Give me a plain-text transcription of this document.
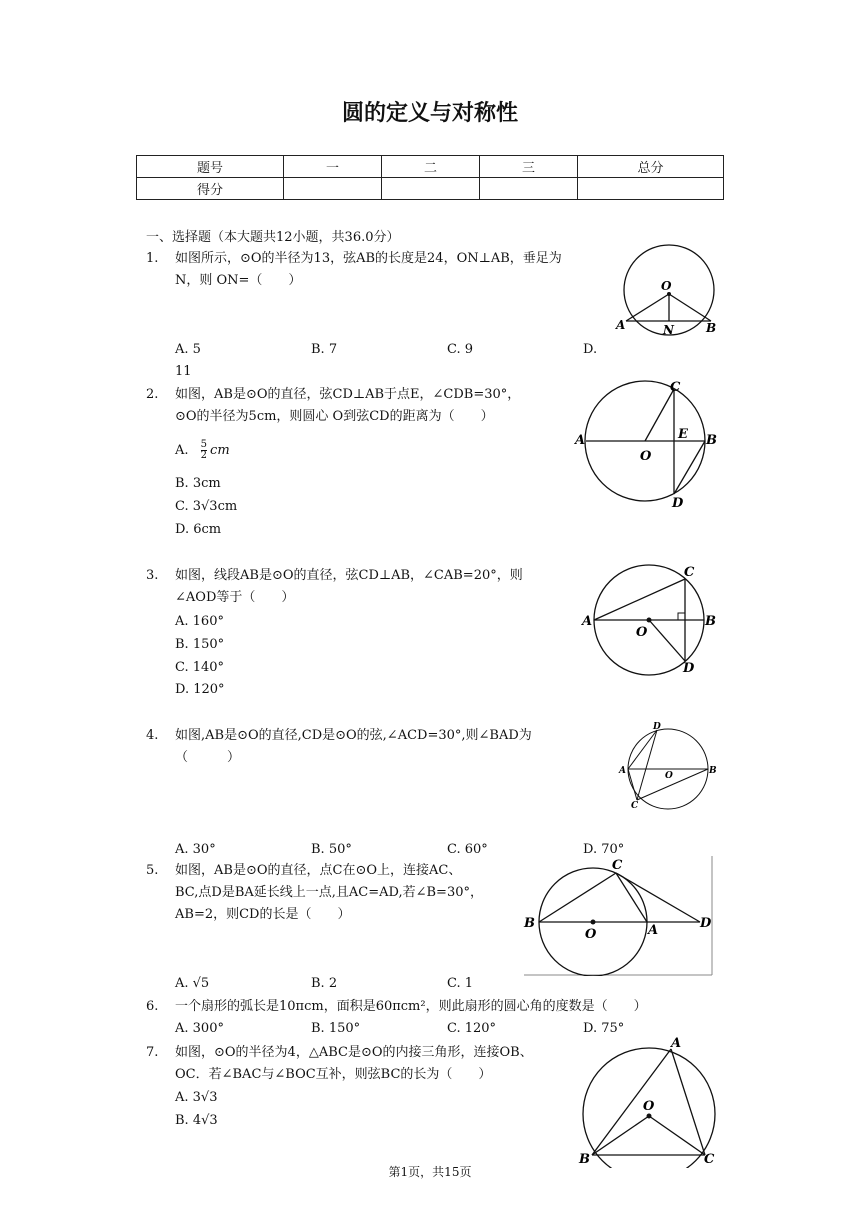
圆的定义与对称性
题号	一	二	三	总分
得分				
一、选择题（本大题共12小题，共36.0分）
1. 如图所示，⊙O的半径为13，弦AB的长度是24，ON⊥AB，垂足为
N，则 ON=（　　）
A. 5	B. 7	C. 9	D.
11
O
A	N	B
2. 如图，AB是⊙O的直径，弦CD⊥AB于点E，∠CDB=30°，
⊙O的半径为5cm，则圆心 O到弦CD的距离为（　　）
A. $\frac{5}{2}$ cm
B. 3cm
C. 3√3cm
D. 6cm
C
A
O
E B
D
3. 如图，线段AB是⊙O的直径，弦CD⊥AB，∠CAB=20°，则
∠AOD等于（　　）
A. 160°
B. 150°
C. 140°
D. 120°
C
A
O
B
D
4. 如图,AB是⊙O的直径,CD是⊙O的弦,∠ACD=30°,则∠BAD为
（　　　）
A. 30°	B. 50°	C. 60°	D. 70°
D
A	O	B
C
5. 如图，AB是⊙O的直径，点C在⊙O上，连接AC、
BC,点D是BA延长线上一点,且AC=AD,若∠B=30°，
AB=2，则CD的长是（　　）
A. √5	B. 2	C. 1
C
B
O	A	D
6. 一个扇形的弧长是10πcm，面积是60πcm²，则此扇形的圆心角的度数是（　　）
A. 300°	B. 150°	C. 120°	D. 75°
7. 如图，⊙O的半径为4，△ABC是⊙O的内接三角形，连接OB、
OC．若∠BAC与∠BOC互补，则弦BC的长为（　　）
A. 3√3
B. 4√3
A
O
B	C
第1页，共15页
